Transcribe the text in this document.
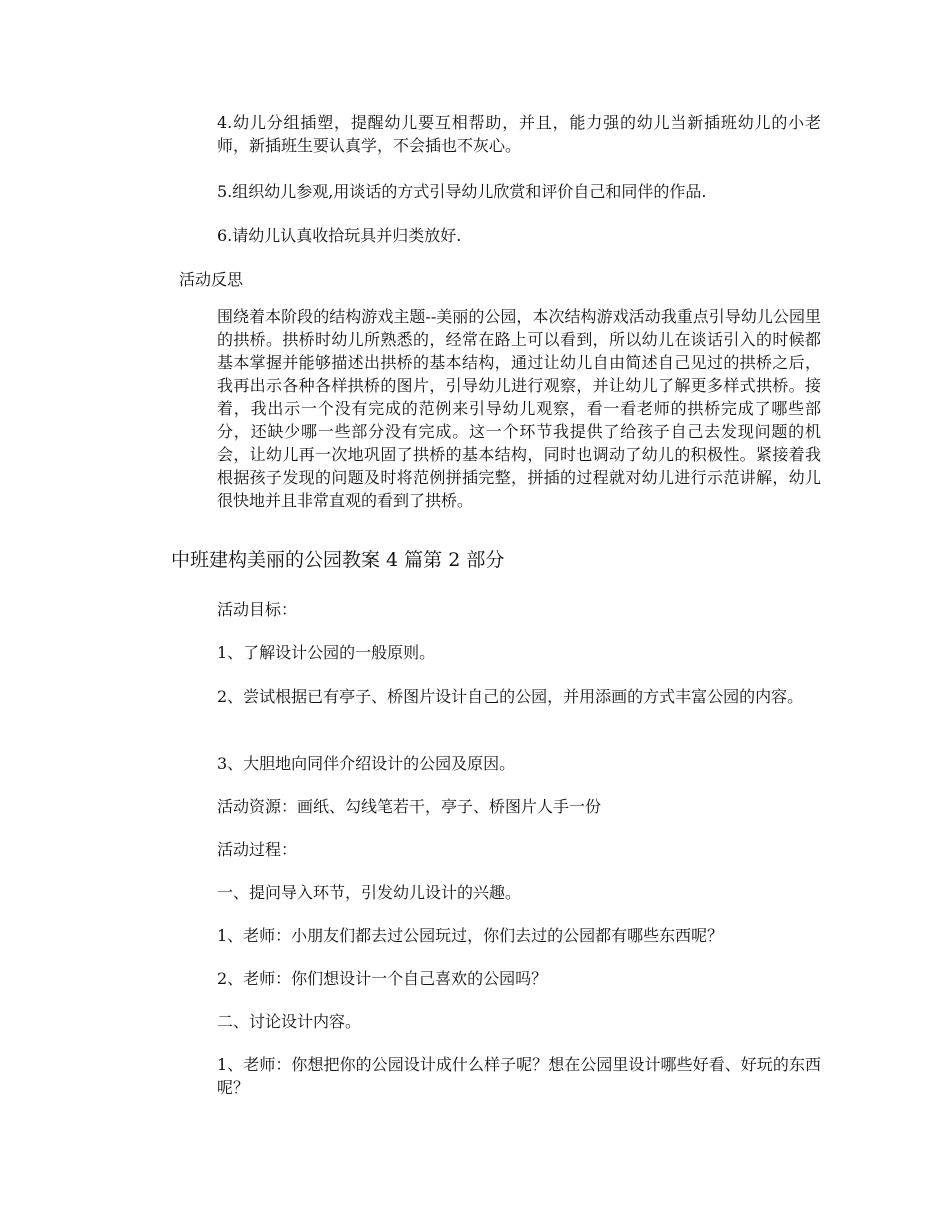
4.幼儿分组插塑，提醒幼儿要互相帮助，并且，能力强的幼儿当新插班幼儿的小老师，新插班生要认真学，不会插也不灰心。

5.组织幼儿参观,用谈话的方式引导幼儿欣赏和评价自己和同伴的作品.

6.请幼儿认真收拾玩具并归类放好.

活动反思

围绕着本阶段的结构游戏主题--美丽的公园，本次结构游戏活动我重点引导幼儿公园里的拱桥。拱桥时幼儿所熟悉的，经常在路上可以看到，所以幼儿在谈话引入的时候都基本掌握并能够描述出拱桥的基本结构，通过让幼儿自由简述自己见过的拱桥之后，我再出示各种各样拱桥的图片，引导幼儿进行观察，并让幼儿了解更多样式拱桥。接着，我出示一个没有完成的范例来引导幼儿观察，看一看老师的拱桥完成了哪些部分，还缺少哪一些部分没有完成。这一个环节我提供了给孩子自己去发现问题的机会，让幼儿再一次地巩固了拱桥的基本结构，同时也调动了幼儿的积极性。紧接着我根据孩子发现的问题及时将范例拼插完整，拼插的过程就对幼儿进行示范讲解，幼儿很快地并且非常直观的看到了拱桥。

中班建构美丽的公园教案 4 篇第 2 部分

活动目标：

1、了解设计公园的一般原则。

2、尝试根据已有亭子、桥图片设计自己的公园，并用添画的方式丰富公园的内容。

3、大胆地向同伴介绍设计的公园及原因。

活动资源：画纸、勾线笔若干，亭子、桥图片人手一份

活动过程：

一、提问导入环节，引发幼儿设计的兴趣。

1、老师：小朋友们都去过公园玩过，你们去过的公园都有哪些东西呢？

2、老师：你们想设计一个自己喜欢的公园吗？

二、讨论设计内容。

1、老师：你想把你的公园设计成什么样子呢？想在公园里设计哪些好看、好玩的东西呢？
